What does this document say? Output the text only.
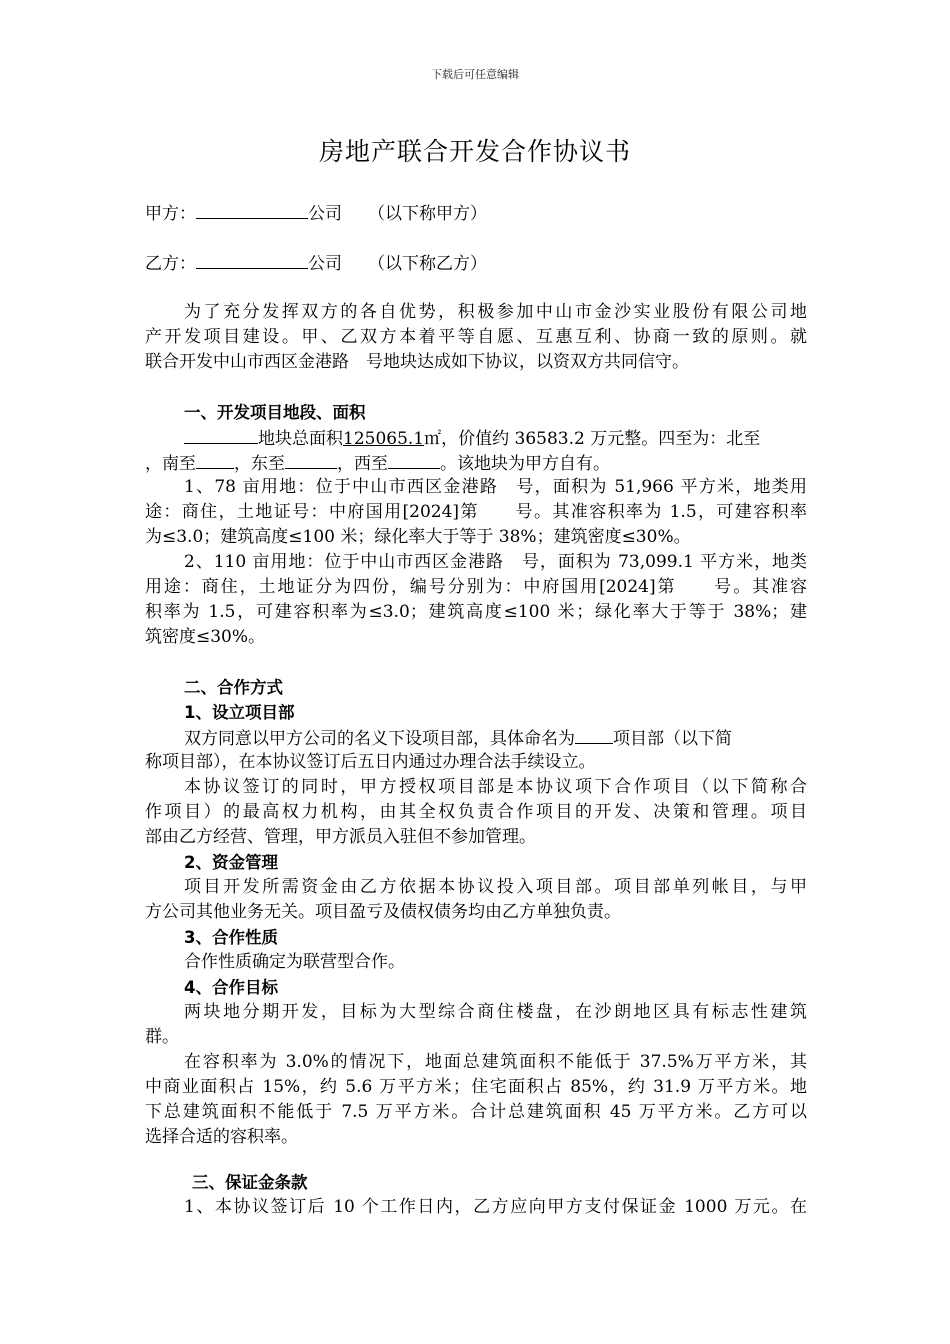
下载后可任意编辑
房地产联合开发合作协议书
甲方：	公司 （以下称甲方）
乙方：	公司 （以下称乙方）
为了充分发挥双方的各自优势，积极参加中山市金沙实业股份有限公司地
产开发项目建设。甲、乙双方本着平等自愿、互惠互利、协商一致的原则。就
联合开发中山市西区金港路　号地块达成如下协议，以资双方共同信守。
一、开发项目地段、面积
地块总面积125065.1㎡，价值约 36583.2 万元整。四至为：北至
，南至 ，东至	，西至	。该地块为甲方自有。
1、78 亩用地：位于中山市西区金港路　号，面积为 51,966 平方米，地类用
途：商住，土地证号：中府国用[2024]第　　号。其准容积率为 1.5，可建容积率
为≤3.0；建筑高度≤100 米；绿化率大于等于 38%；建筑密度≤30%。
2、110 亩用地：位于中山市西区金港路　号，面积为 73,099.1 平方米，地类
用途：商住，土地证分为四份，编号分别为：中府国用[2024]第　　号。其准容
积率为 1.5，可建容积率为≤3.0；建筑高度≤100 米；绿化率大于等于 38%；建
筑密度≤30%。
二、合作方式
1、设立项目部
双方同意以甲方公司的名义下设项目部，具体命名为 项目部（以下简
称项目部），在本协议签订后五日内通过办理合法手续设立。
本协议签订的同时，甲方授权项目部是本协议项下合作项目（以下简称合
作项目）的最高权力机构，由其全权负责合作项目的开发、决策和管理。项目
部由乙方经营、管理，甲方派员入驻但不参加管理。
2、资金管理
项目开发所需资金由乙方依据本协议投入项目部。项目部单列帐目，与甲
方公司其他业务无关。项目盈亏及债权债务均由乙方单独负责。
3、合作性质
合作性质确定为联营型合作。
4、合作目标
两块地分期开发，目标为大型综合商住楼盘，在沙朗地区具有标志性建筑
群。
在容积率为 3.0%的情况下，地面总建筑面积不能低于 37.5%万平方米，其
中商业面积占 15%，约 5.6 万平方米；住宅面积占 85%，约 31.9 万平方米。地
下总建筑面积不能低于 7.5 万平方米。合计总建筑面积 45 万平方米。乙方可以
选择合适的容积率。
三、保证金条款
1、本协议签订后 10 个工作日内，乙方应向甲方支付保证金 1000 万元。在
